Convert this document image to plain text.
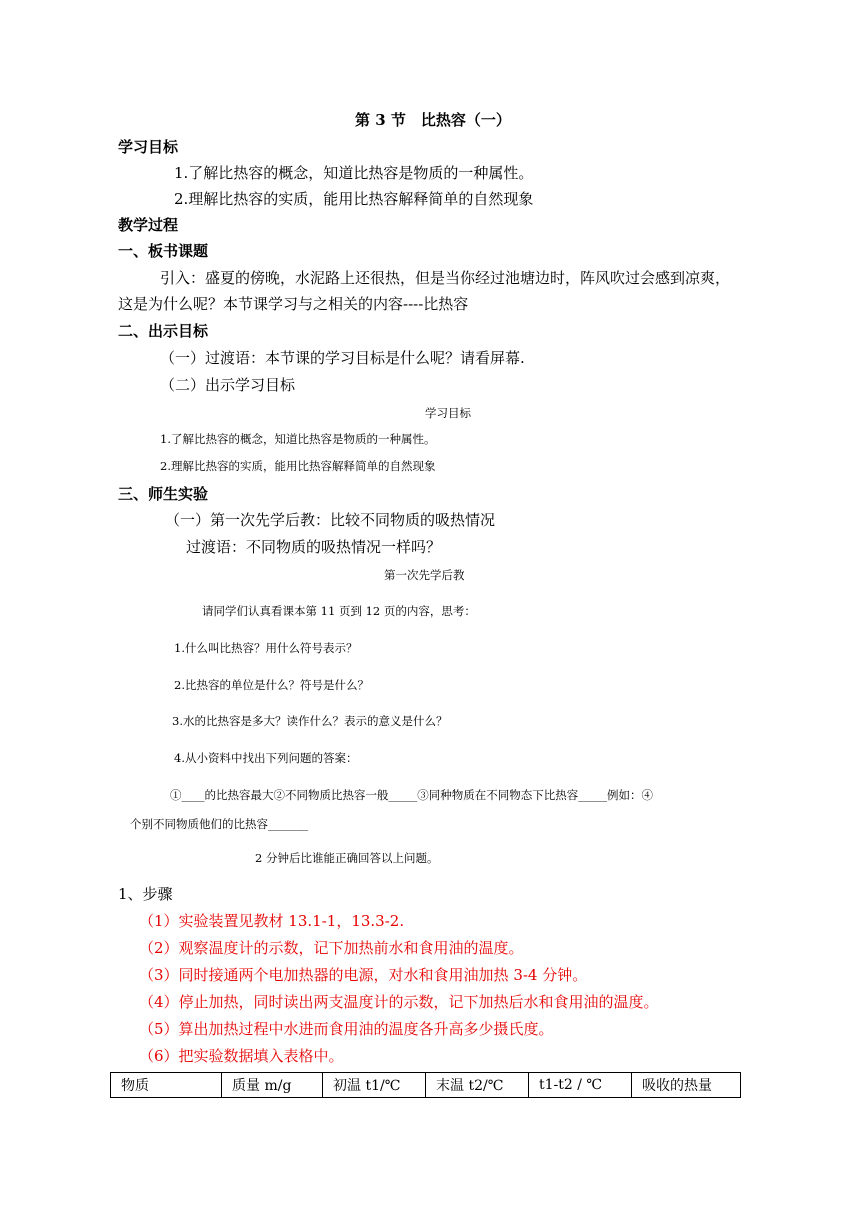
第 3 节　比热容（一）
学习目标
1.了解比热容的概念，知道比热容是物质的一种属性。
2.理解比热容的实质，能用比热容解释简单的自然现象
教学过程
一、板书课题
引入：盛夏的傍晚，水泥路上还很热，但是当你经过池塘边时，阵风吹过会感到凉爽，
这是为什么呢？本节课学习与之相关的内容----比热容
二、出示目标
（一）过渡语：本节课的学习目标是什么呢？请看屏幕.
（二）出示学习目标
学习目标
1.了解比热容的概念，知道比热容是物质的一种属性。
2.理解比热容的实质，能用比热容解释简单的自然现象
三、师生实验
（一）第一次先学后教：比较不同物质的吸热情况
过渡语：不同物质的吸热情况一样吗？
第一次先学后教
请同学们认真看课本第 11 页到 12 页的内容，思考：
1.什么叫比热容？用什么符号表示？
2.比热容的单位是什么？符号是什么？
3.水的比热容是多大？读作什么？表示的意义是什么？
4.从小资料中找出下列问题的答案：
①____的比热容最大②不同物质比热容一般_____③同种物质在不同物态下比热容_____例如：④
个别不同物质他们的比热容_______
2 分钟后比谁能正确回答以上问题。
1、步骤
（1）实验装置见教材 13.1-1，13.3-2.
（2）观察温度计的示数，记下加热前水和食用油的温度。
（3）同时接通两个电加热器的电源，对水和食用油加热 3-4 分钟。
（4）停止加热，同时读出两支温度计的示数，记下加热后水和食用油的温度。
（5）算出加热过程中水进而食用油的温度各升高多少摄氏度。
（6）把实验数据填入表格中。
物质	质量 m/g	初温 t1/℃	末温 t2/℃	t1-t2 / ℃	吸收的热量
